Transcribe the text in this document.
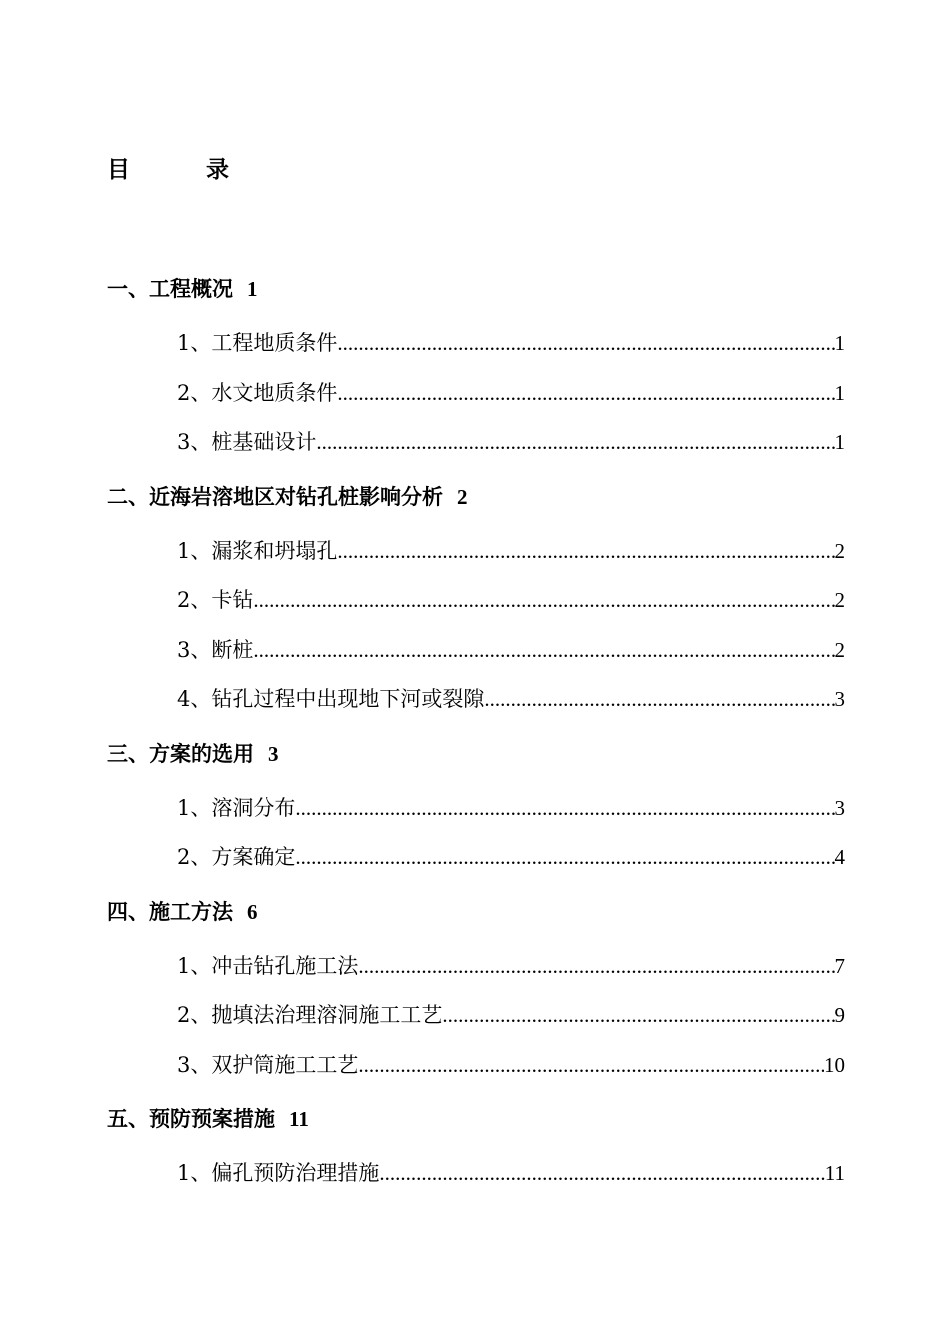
目	录
一、工程概况 1
1、工程地质条件 .....	1
2、水文地质条件 .....	1
3、桩基础设计 .....	1
二、近海岩溶地区对钻孔桩影响分析 2
1、漏浆和坍塌孔 .....	2
2、卡钻 .....	2
3、断桩 .....	2
4、钻孔过程中出现地下河或裂隙 .....	3
三、方案的选用 3
1、溶洞分布 .....	3
2、方案确定 .....	4
四、施工方法 6
1、冲击钻孔施工法 .....	7
2、抛填法治理溶洞施工工艺 .....	9
3、双护筒施工工艺 .....	10
五、预防预案措施 11
1、偏孔预防治理措施 .....	11
